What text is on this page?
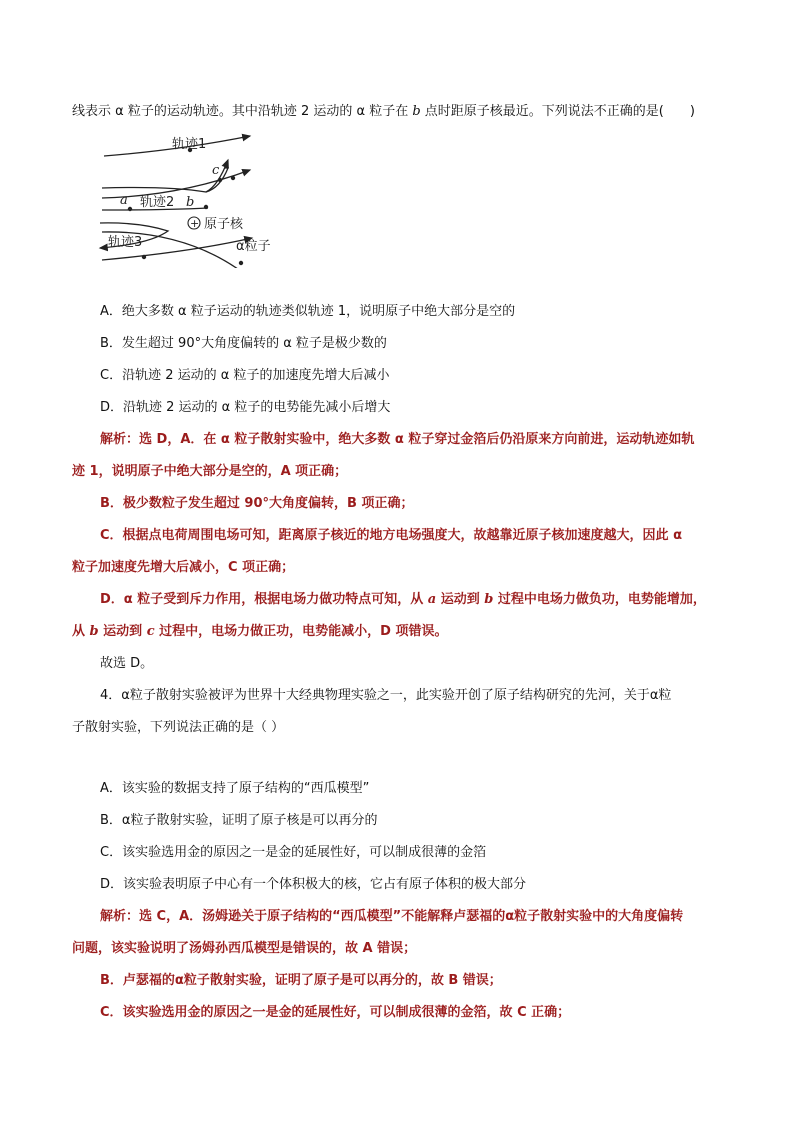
线表示 α 粒子的运动轨迹。其中沿轨迹 2 运动的 α 粒子在 b 点时距原子核最近。下列说法不正确的是(　　)
轨迹1
c
a 轨迹2 b
+ 原子核
轨迹3	α粒子
A．绝大多数 α 粒子运动的轨迹类似轨迹 1，说明原子中绝大部分是空的
B．发生超过 90°大角度偏转的 α 粒子是极少数的
C．沿轨迹 2 运动的 α 粒子的加速度先增大后减小
D．沿轨迹 2 运动的 α 粒子的电势能先减小后增大
解析：选 D，A．在 α 粒子散射实验中，绝大多数 α 粒子穿过金箔后仍沿原来方向前进，运动轨迹如轨
迹 1，说明原子中绝大部分是空的，A 项正确；
B．极少数粒子发生超过 90°大角度偏转，B 项正确；
C．根据点电荷周围电场可知，距离原子核近的地方电场强度大，故越靠近原子核加速度越大，因此 α
粒子加速度先增大后减小，C 项正确；
D．α 粒子受到斥力作用，根据电场力做功特点可知，从 a 运动到 b 过程中电场力做负功，电势能增加，
从 b 运动到 c 过程中，电场力做正功，电势能减小，D 项错误。
故选 D。
4．α粒子散射实验被评为世界十大经典物理实验之一，此实验开创了原子结构研究的先河，关于α粒
子散射实验，下列说法正确的是（ ）
A．该实验的数据支持了原子结构的“西瓜模型”
B．α粒子散射实验，证明了原子核是可以再分的
C．该实验选用金的原因之一是金的延展性好，可以制成很薄的金箔
D．该实验表明原子中心有一个体积极大的核，它占有原子体积的极大部分
解析：选 C，A．汤姆逊关于原子结构的“西瓜模型”不能解释卢瑟福的α粒子散射实验中的大角度偏转
问题，该实验说明了汤姆孙西瓜模型是错误的，故 A 错误；
B．卢瑟福的α粒子散射实验，证明了原子是可以再分的，故 B 错误；
C．该实验选用金的原因之一是金的延展性好，可以制成很薄的金箔，故 C 正确；
